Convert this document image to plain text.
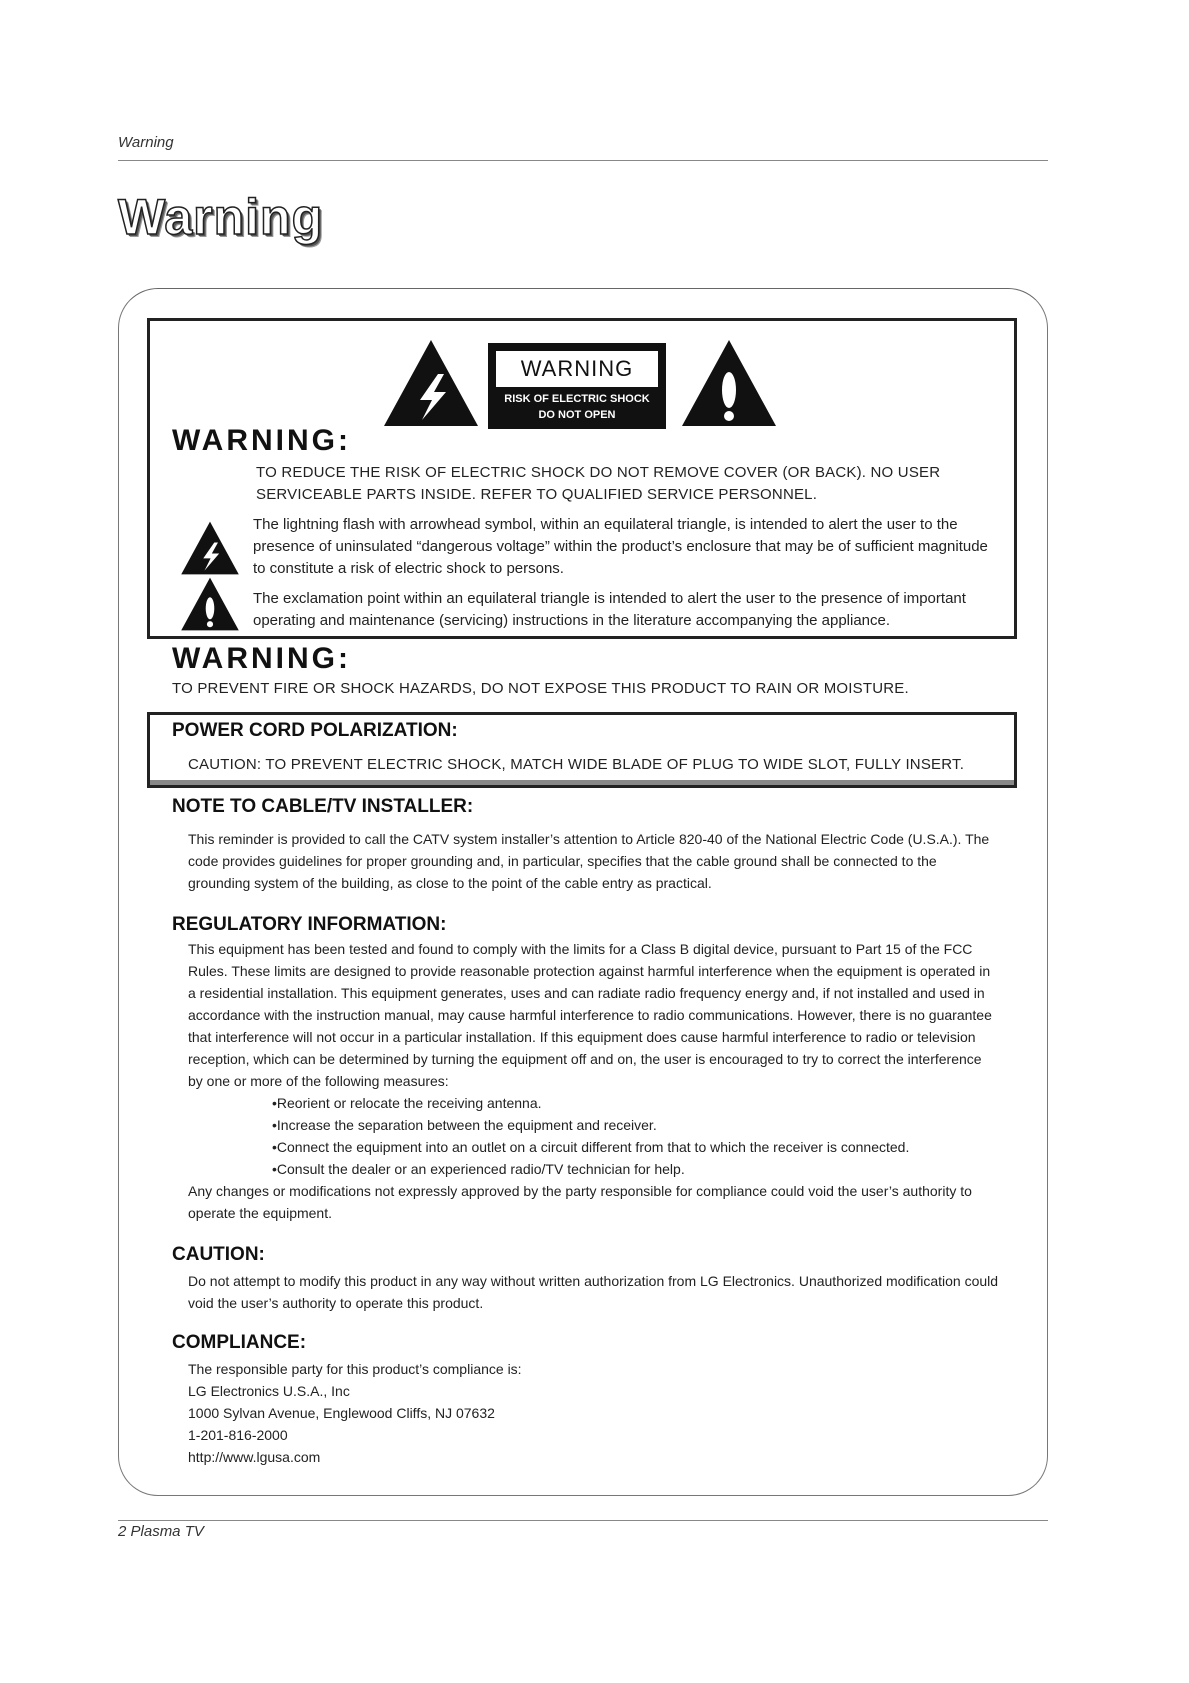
Warning
Warning
WARNING
RISK OF ELECTRIC SHOCK
DO NOT OPEN
WARNING:
TO REDUCE THE RISK OF ELECTRIC SHOCK DO NOT REMOVE COVER (OR BACK). NO USER
SERVICEABLE PARTS INSIDE. REFER TO QUALIFIED SERVICE PERSONNEL.
The lightning flash with arrowhead symbol, within an equilateral triangle, is intended to alert the user to the presence of uninsulated “dangerous voltage” within the product’s enclosure that may be of sufficient magnitude to constitute a risk of electric shock to persons.
The exclamation point within an equilateral triangle is intended to alert the user to the presence of important operating and maintenance (servicing) instructions in the literature accompanying the appliance.
WARNING:
TO PREVENT FIRE OR SHOCK HAZARDS, DO NOT EXPOSE THIS PRODUCT TO RAIN OR MOISTURE.
POWER CORD POLARIZATION:
CAUTION: TO PREVENT ELECTRIC SHOCK, MATCH WIDE BLADE OF PLUG TO WIDE SLOT, FULLY INSERT.
NOTE TO CABLE/TV INSTALLER:
This reminder is provided to call the CATV system installer’s attention to Article 820-40 of the National Electric Code (U.S.A.). The code provides guidelines for proper grounding and, in particular, specifies that the cable ground shall be connected to the grounding system of the building, as close to the point of the cable entry as practical.
REGULATORY INFORMATION:
This equipment has been tested and found to comply with the limits for a Class B digital device, pursuant to Part 15 of the FCC Rules. These limits are designed to provide reasonable protection against harmful interference when the equipment is operated in a residential installation. This equipment generates, uses and can radiate radio frequency energy and, if not installed and used in accordance with the instruction manual, may cause harmful interference to radio communications. However, there is no guarantee that interference will not occur in a particular installation. If this equipment does cause harmful interference to radio or television reception, which can be determined by turning the equipment off and on, the user is encouraged to try to correct the interference by one or more of the following measures:
• Reorient or relocate the receiving antenna.
• Increase the separation between the equipment and receiver.
• Connect the equipment into an outlet on a circuit different from that to which the receiver is connected.
• Consult the dealer or an experienced radio/TV technician for help.
Any changes or modifications not expressly approved by the party responsible for compliance could void the user’s authority to operate the equipment.
CAUTION:
Do not attempt to modify this product in any way without written authorization from LG Electronics. Unauthorized modification could void the user’s authority to operate this product.
COMPLIANCE:
The responsible party for this product’s compliance is:
LG Electronics U.S.A., Inc
1000 Sylvan Avenue, Englewood Cliffs, NJ 07632
1-201-816-2000
http://www.lgusa.com
2 Plasma TV
